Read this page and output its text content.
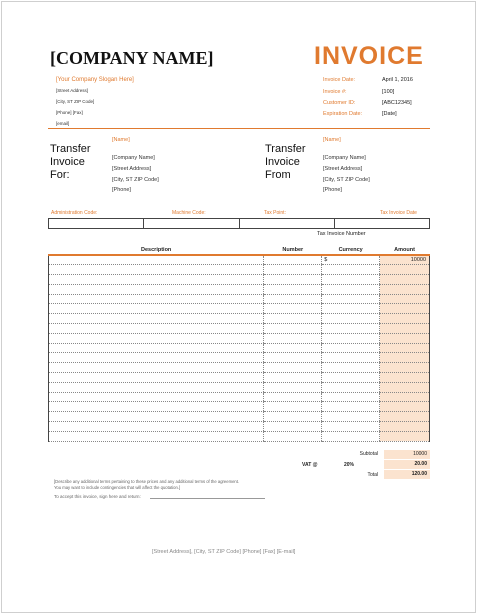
[COMPANY NAME]	INVOICE
[Your Company Slogan Here]
[Street Address]
[City, ST ZIP Code]
[Phone] [Fax]
[email]
Invoice Date:	April 1, 2016
Invoice #:	[100]
Customer ID:	[ABC12345]
Expiration Date:	[Date]
Transfer
Invoice
For:
[Name]
[Company Name]
[Street Address]
[City, ST ZIP Code]
[Phone]
Transfer
Invoice
From
[Name]
[Company Name]
[Street Address]
[City, ST ZIP Code]
[Phone]
Administration Code:	Machine Code:	Tax Point:	Tax Invoice Date
Tax Invoice Number
Description	Number	Currency	Amount
		$	10000

Subtotal	10000
VAT @	20%	20.00
Total	120.00
[Describe any additional terms pertaining to these prices and any additional terms of the agreement.
You may want to include contingencies that will affect the quotation.]
To accept this invoice, sign here and return:
[Street Address], [City, ST ZIP Code] [Phone] [Fax] [E-mail]
